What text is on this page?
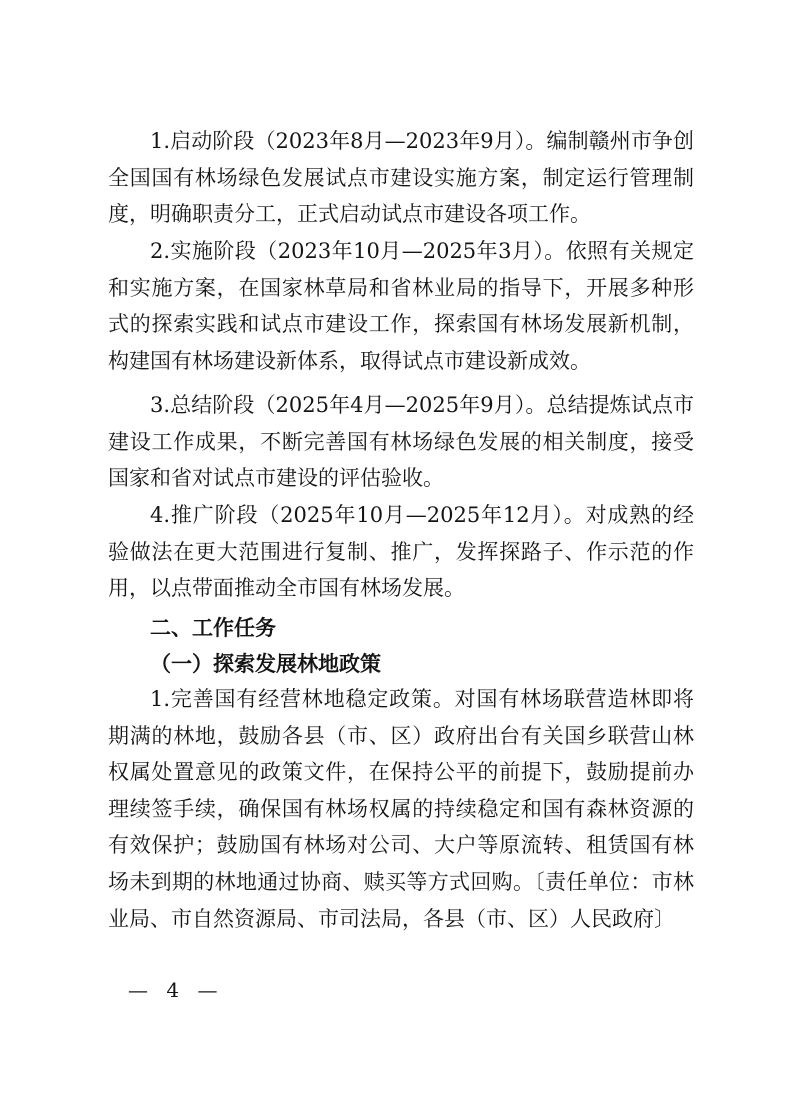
1.启动阶段（2023年8月—2023年9月）。编制赣州市争创全国国有林场绿色发展试点市建设实施方案，制定运行管理制度，明确职责分工，正式启动试点市建设各项工作。

2.实施阶段（2023年10月—2025年3月）。依照有关规定和实施方案，在国家林草局和省林业局的指导下，开展多种形式的探索实践和试点市建设工作，探索国有林场发展新机制，构建国有林场建设新体系，取得试点市建设新成效。

3.总结阶段（2025年4月—2025年9月）。总结提炼试点市建设工作成果，不断完善国有林场绿色发展的相关制度，接受国家和省对试点市建设的评估验收。

4.推广阶段（2025年10月—2025年12月）。对成熟的经验做法在更大范围进行复制、推广，发挥探路子、作示范的作用，以点带面推动全市国有林场发展。

二、工作任务
（一）探索发展林地政策

1.完善国有经营林地稳定政策。对国有林场联营造林即将期满的林地，鼓励各县（市、区）政府出台有关国乡联营山林权属处置意见的政策文件，在保持公平的前提下，鼓励提前办理续签手续，确保国有林场权属的持续稳定和国有森林资源的有效保护；鼓励国有林场对公司、大户等原流转、租赁国有林场未到期的林地通过协商、赎买等方式回购。〔责任单位：市林业局、市自然资源局、市司法局，各县（市、区）人民政府〕

— 4 —
